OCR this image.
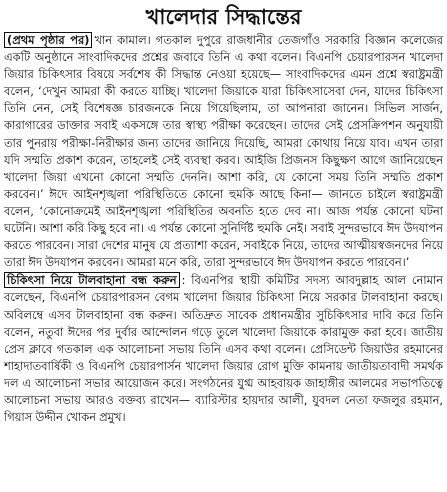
খালেদার সিদ্ধান্তের

(প্রথম পৃষ্ঠার পর) খান কামাল। গতকাল দুপুরে রাজধানীর তেজগাঁও সরকারি বিজ্ঞান কলেজের একটি অনুষ্ঠানে সাংবাদিকদের প্রশ্নের জবাবে তিনি এ কথা বলেন। বিএনপি চেয়ারপারসন খালেদা জিয়ার চিকিৎসার বিষয়ে সর্বশেষ কী সিদ্ধান্ত নেওয়া হয়েছে— সাংবাদিকদের এমন প্রশ্নে স্বরাষ্ট্রমন্ত্রী বলেন, ‘দেখুন আমরা কী করতে যাচ্ছি। খালেদা জিয়াকে যারা চিকিৎসাসেবা দেন, যাদের চিকিৎসা তিনি নেন, সেই বিশেষজ্ঞ চারজনকে নিয়ে গিয়েছিলাম, তা আপনারা জানেন। সিভিল সার্জন, কারাগারের ডাক্তার সবাই একসঙ্গে তার স্বাস্থ্য পরীক্ষা করেছেন। তাদের সেই প্রেসক্রিপশন অনুযায়ী তার পুনরায় পরীক্ষা-নিরীক্ষার জন্য তাদের জানিয়ে দিয়েছি, আমরা কোথায় নিয়ে যাব। এখন তারা যদি সম্মতি প্রকাশ করেন, তাহলেই সেই ব্যবস্থা করব। আইজি প্রিজনস কিছুক্ষণ আগে জানিয়েছেন খালেদা জিয়া এখনো কোনো সম্মতি দেননি। আশা করি, যে কোনো সময় তিনি সম্মতি প্রকাশ করবেন।’ ঈদে আইনশৃঙ্খলা পরিস্থিতিতে কোনো হুমকি আছে কিনা— জানতে চাইলে স্বরাষ্ট্রমন্ত্রী বলেন, ‘কোনোক্রমেই আইনশৃঙ্খলা পরিস্থিতির অবনতি হতে দেব না। আজ পর্যন্ত কোনো ঘটনা ঘটেনি। আশা করি কিছু হবে না। এ পর্যন্ত কোনো সুনির্দিষ্ট হুমকি নেই। সবাই সুন্দরভাবে ঈদ উদযাপন করতে পারবেন। সারা দেশের মানুষ যে প্রত্যাশা করেন, সবাইকে নিয়ে, তাদের আত্মীয়স্বজনদের নিয়ে তারা ঈদ উদযাপন করবেন। আমরা মনে করি, তারা সুন্দরভাবে ঈদ উদযাপন করতে পারবেন।’

চিকিৎসা নিয়ে টালবাহানা বন্ধ করুন : বিএনপির স্থায়ী কমিটির সদস্য আবদুল্লাহ আল নোমান বলেছেন, বিএনপি চেয়ারপারসন বেগম খালেদা জিয়ার চিকিৎসা নিয়ে সরকার টালবাহানা করছে। অবিলম্বে এসব টালবাহানা বন্ধ করুন। অতিদ্রুত সাবেক প্রধানমন্ত্রীর সুচিকিৎসার দাবি করে তিনি বলেন, নতুবা ঈদের পর দুর্বার আন্দোলন গড়ে তুলে খালেদা জিয়াকে কারামুক্ত করা হবে। জাতীয় প্রেস ক্লাবে গতকাল এক আলোচনা সভায় তিনি এসব কথা বলেন। প্রেসিডেন্ট জিয়াউর রহমানের শাহাদাতবার্ষিকী ও বিএনপি চেয়ারপার্সন খালেদা জিয়ার রোগ মুক্তি কামনায় জাতীয়তাবাদী সমর্থক দল এ আলোচনা সভার আয়োজন করে। সংগঠনের যুগ্ম আহবায়ক জাহাঙ্গীর আলমের সভাপতিত্বে আলোচনা সভায় আরও বক্তব্য রাখেন— ব্যারিস্টার হায়দার আলী, যুবদল নেতা ফজলুর রহমান, গিয়াস উদ্দীন খোকন প্রমুখ।
